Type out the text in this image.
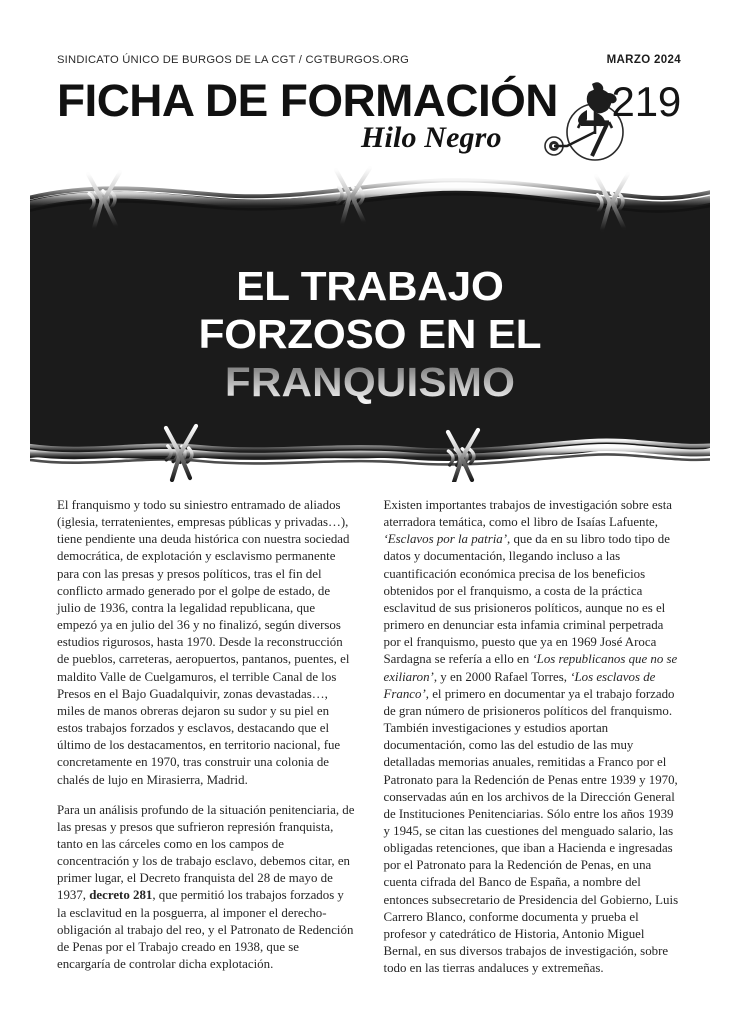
SINDICATO ÚNICO DE BURGOS DE LA CGT / CGTBURGOS.ORG	MARZO 2024
FICHA DE FORMACIÓN
Hilo Negro
219
EL TRABAJO
FORZOSO EN EL

El franquismo y todo su siniestro entramado de aliados (iglesia, terratenientes, empresas públicas y privadas…), tiene pendiente una deuda histórica con nuestra sociedad democrática, de explotación y esclavismo permanente para con las presas y presos políticos, tras el fin del conflicto armado generado por el golpe de estado, de julio de 1936, contra la legalidad republicana, que empezó ya en julio del 36 y no finalizó, según diversos estudios rigurosos, hasta 1970. Desde la reconstrucción de pueblos, carreteras, aeropuertos, pantanos, puentes, el maldito Valle de Cuelgamuros, el terrible Canal de los Presos en el Bajo Guadalquivir, zonas devastadas…, miles de manos obreras dejaron su sudor y su piel en estos trabajos forzados y esclavos, destacando que el último de los destacamentos, en territorio nacional, fue concretamente en 1970, tras construir una colonia de chalés de lujo en Mirasierra, Madrid.

Para un análisis profundo de la situación penitenciaria, de las presas y presos que sufrieron represión franquista, tanto en las cárceles como en los campos de concentración y los de trabajo esclavo, debemos citar, en primer lugar, el Decreto franquista del 28 de mayo de 1937, decreto 281, que permitió los trabajos forzados y la esclavitud en la posguerra, al imponer el derecho- obligación al trabajo del reo, y el Patronato de Redención de Penas por el Trabajo creado en 1938, que se encargaría de controlar dicha explotación.

Existen importantes trabajos de investigación sobre esta aterradora temática, como el libro de Isaías Lafuente, ‘Esclavos por la patria’, que da en su libro todo tipo de datos y documentación, llegando incluso a las cuantificación económica precisa de los beneficios obtenidos por el franquismo, a costa de la práctica esclavitud de sus prisioneros políticos, aunque no es el primero en denunciar esta infamia criminal perpetrada por el franquismo, puesto que ya en 1969 José Aroca Sardagna se refería a ello en ‘Los republicanos que no se exiliaron’, y en 2000 Rafael Torres, ‘Los esclavos de Franco’, el primero en documentar ya el trabajo forzado de gran número de prisioneros políticos del franquismo. También investigaciones y estudios aportan documentación, como las del estudio de las muy detalladas memorias anuales, remitidas a Franco por el Patronato para la Redención de Penas entre 1939 y 1970, conservadas aún en los archivos de la Dirección General de Instituciones Penitenciarias. Sólo entre los años 1939 y 1945, se citan las cuestiones del menguado salario, las obligadas retenciones, que iban a Hacienda e ingresadas por el Patronato para la Redención de Penas, en una cuenta cifrada del Banco de España, a nombre del entonces subsecretario de Presidencia del Gobierno, Luis Carrero Blanco, conforme documenta y prueba el profesor y catedrático de Historia, Antonio Miguel Bernal, en sus diversos trabajos de investigación, sobre todo en las tierras andaluces y extremeñas.
